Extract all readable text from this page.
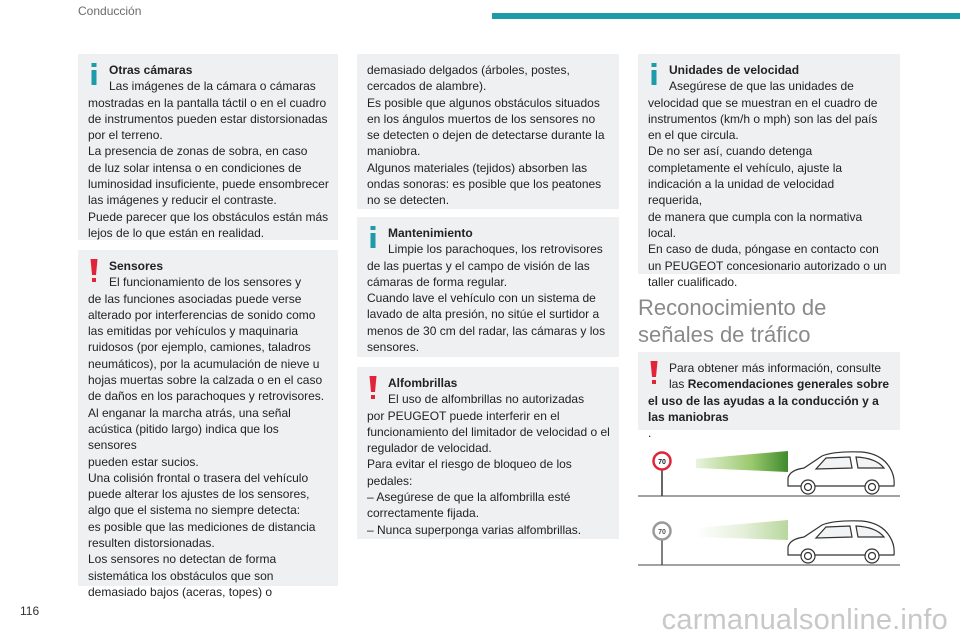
Conducción
Otras cámaras
Las imágenes de la cámara o cámaras
mostradas en la pantalla táctil o en el cuadro
de instrumentos pueden estar distorsionadas
por el terreno.
La presencia de zonas de sobra, en caso
de luz solar intensa o en condiciones de
luminosidad insuficiente, puede ensombrecer
las imágenes y reducir el contraste.
Puede parecer que los obstáculos están más
lejos de lo que están en realidad.
Sensores
El funcionamiento de los sensores y
de las funciones asociadas puede verse
alterado por interferencias de sonido como
las emitidas por vehículos y maquinaria
ruidosos (por ejemplo, camiones, taladros
neumáticos), por la acumulación de nieve u
hojas muertas sobre la calzada o en el caso
de daños en los parachoques y retrovisores.
Al enganar la marcha atrás, una señal
acústica (pitido largo) indica que los sensores
pueden estar sucios.
Una colisión frontal o trasera del vehículo
puede alterar los ajustes de los sensores,
algo que el sistema no siempre detecta:
es posible que las mediciones de distancia
resulten distorsionadas.
Los sensores no detectan de forma
sistemática los obstáculos que son
demasiado bajos (aceras, topes) o
demasiado delgados (árboles, postes,
cercados de alambre).
Es posible que algunos obstáculos situados
en los ángulos muertos de los sensores no
se detecten o dejen de detectarse durante la
maniobra.
Algunos materiales (tejidos) absorben las
ondas sonoras: es posible que los peatones
no se detecten.
Mantenimiento
Limpie los parachoques, los retrovisores
de las puertas y el campo de visión de las
cámaras de forma regular.
Cuando lave el vehículo con un sistema de
lavado de alta presión, no sitúe el surtidor a
menos de 30 cm del radar, las cámaras y los
sensores.
Alfombrillas
El uso de alfombrillas no autorizadas
por PEUGEOT puede interferir en el
funcionamiento del limitador de velocidad o el
regulador de velocidad.
Para evitar el riesgo de bloqueo de los
pedales:
– Asegúrese de que la alfombrilla esté
correctamente fijada.
– Nunca superponga varias alfombrillas.
Unidades de velocidad
Asegúrese de que las unidades de
velocidad que se muestran en el cuadro de
instrumentos (km/h o mph) son las del país
en el que circula.
De no ser así, cuando detenga
completamente el vehículo, ajuste la
indicación a la unidad de velocidad requerida,
de manera que cumpla con la normativa
local.
En caso de duda, póngase en contacto con
un PEUGEOT concesionario autorizado o un
taller cualificado.
Reconocimiento de señales de tráfico
Para obtener más información, consulte
las Recomendaciones generales sobre
el uso de las ayudas a la conducción y a
las maniobras
.
70
70
116	carmanualsonline.info
